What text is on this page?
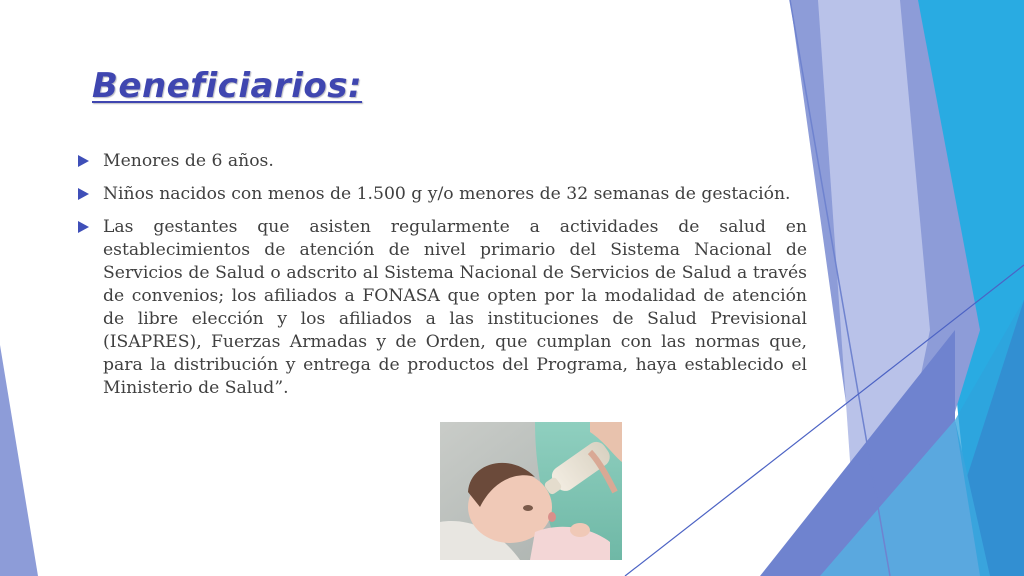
Beneficiarios:
Menores de 6 años.
Niños nacidos con menos de 1.500 g y/o menores de 32 semanas de gestación.
Las gestantes que asisten regularmente a actividades de salud en establecimientos de atención de nivel primario del Sistema Nacional de Servicios de Salud o adscrito al Sistema Nacional de Servicios de Salud a través de convenios; los afiliados a FONASA que opten por la modalidad de atención de libre elección y los afiliados a las instituciones de Salud Previsional (ISAPRES), Fuerzas Armadas y de Orden, que cumplan con las normas que, para la distribución y entrega de productos del Programa, haya establecido el Ministerio de Salud”.
